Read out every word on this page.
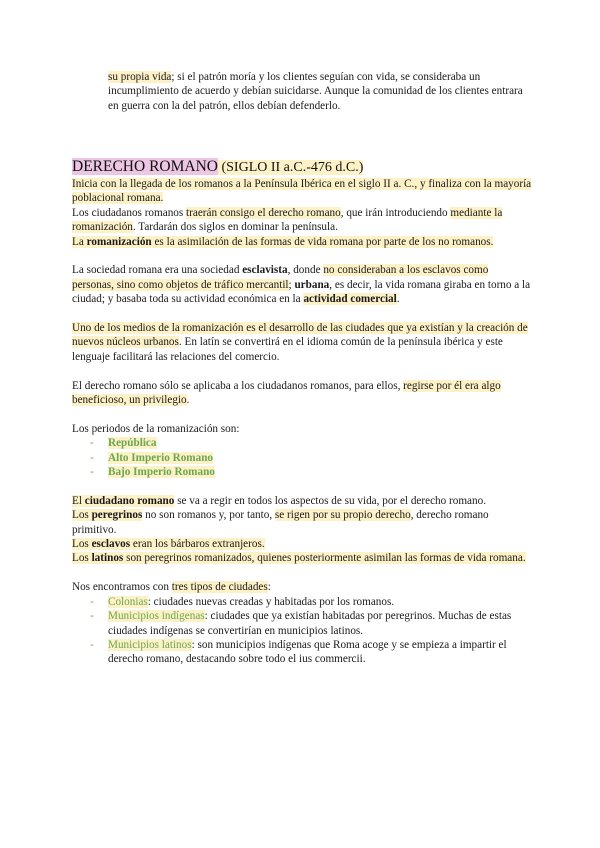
su propia vida; si el patrón moría y los clientes seguían con vida, se consideraba un incumplimiento de acuerdo y debían suicidarse. Aunque la comunidad de los clientes entrara en guerra con la del patrón, ellos debían defenderlo.

DERECHO ROMANO (SIGLO II a.C.-476 d.C.)

Inicia con la llegada de los romanos a la Península Ibérica en el siglo II a. C., y finaliza con la mayoría poblacional romana.

Los ciudadanos romanos traerán consigo el derecho romano, que irán introduciendo mediante la romanización. Tardarán dos siglos en dominar la península.

La romanización es la asimilación de las formas de vida romana por parte de los no romanos.

La sociedad romana era una sociedad esclavista, donde no consideraban a los esclavos como personas, sino como objetos de tráfico mercantil; urbana, es decir, la vida romana giraba en torno a la ciudad; y basaba toda su actividad económica en la actividad comercial.

Uno de los medios de la romanización es el desarrollo de las ciudades que ya existían y la creación de nuevos núcleos urbanos. En latín se convertirá en el idioma común de la península ibérica y este lenguaje facilitará las relaciones del comercio.

El derecho romano sólo se aplicaba a los ciudadanos romanos, para ellos, regirse por él era algo beneficioso, un privilegio.

Los periodos de la romanización son:

- República
- Alto Imperio Romano
- Bajo Imperio Romano

El ciudadano romano se va a regir en todos los aspectos de su vida, por el derecho romano.

Los peregrinos no son romanos y, por tanto, se rigen por su propio derecho, derecho romano primitivo.

Los esclavos eran los bárbaros extranjeros.

Los latinos son peregrinos romanizados, quienes posteriormente asimilan las formas de vida romana.

Nos encontramos con tres tipos de ciudades:

- Colonias: ciudades nuevas creadas y habitadas por los romanos.
- Municipios indígenas: ciudades que ya existían habitadas por peregrinos. Muchas de estas ciudades indígenas se convertirían en municipios latinos.
- Municipios latinos: son municipios indígenas que Roma acoge y se empieza a impartir el derecho romano, destacando sobre todo el ius commercii.
